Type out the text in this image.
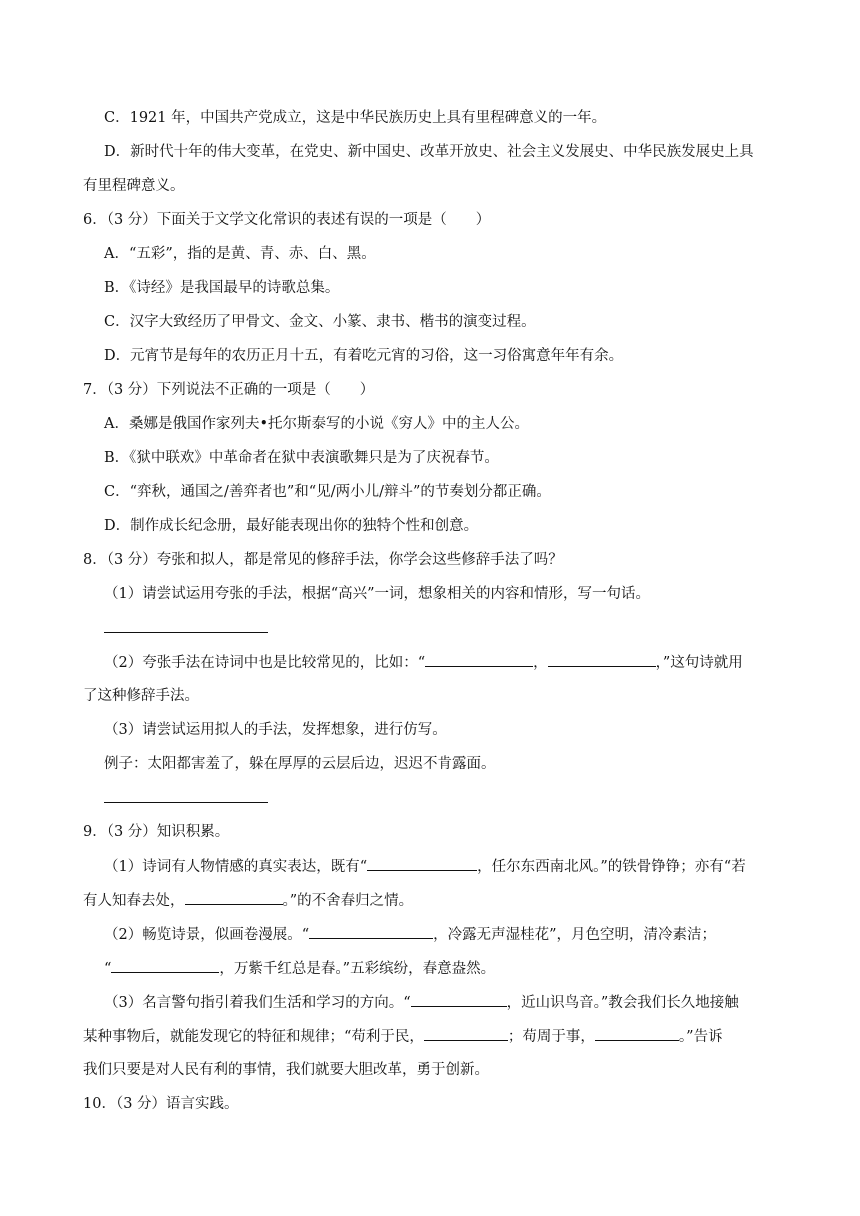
C．1921 年，中国共产党成立，这是中华民族历史上具有里程碑意义的一年。
D．新时代十年的伟大变革，在党史、新中国史、改革开放史、社会主义发展史、中华民族发展史上具
有里程碑意义。
6．（3 分）下面关于文学文化常识的表述有误的一项是（　　）
A．“五彩”，指的是黄、青、赤、白、黑。
B．《诗经》是我国最早的诗歌总集。
C．汉字大致经历了甲骨文、金文、小篆、隶书、楷书的演变过程。
D．元宵节是每年的农历正月十五，有着吃元宵的习俗，这一习俗寓意年年有余。
7．（3 分）下列说法不正确的一项是（　　）
A．桑娜是俄国作家列夫•托尔斯泰写的小说《穷人》中的主人公。
B．《狱中联欢》中革命者在狱中表演歌舞只是为了庆祝春节。
C．“弈秋，通国之/善弈者也”和“见/两小儿/辩斗”的节奏划分都正确。
D．制作成长纪念册，最好能表现出你的独特个性和创意。
8．（3 分）夸张和拟人，都是常见的修辞手法，你学会这些修辞手法了吗？
（1）请尝试运用夸张的手法，根据“高兴”一词，想象相关的内容和情形，写一句话。
（2）夸张手法在诗词中也是比较常见的，比如：“	，	，”这句诗就用
了这种修辞手法。
（3）请尝试运用拟人的手法，发挥想象，进行仿写。
例子：太阳都害羞了，躲在厚厚的云层后边，迟迟不肯露面。
9．（3 分）知识积累。
（1）诗词有人物情感的真实表达，既有“	，任尔东西南北风。”的铁骨铮铮；亦有“若
有人知春去处，	。”的不舍春归之情。
（2）畅览诗景，似画卷漫展。“	，冷露无声湿桂花”，月色空明，清冷素洁；
“	，万紫千红总是春。”五彩缤纷，春意盎然。
（3）名言警句指引着我们生活和学习的方向。“	，近山识鸟音。”教会我们长久地接触
某种事物后，就能发现它的特征和规律；“苟利于民，	；苟周于事，	。”告诉
我们只要是对人民有利的事情，我们就要大胆改革，勇于创新。
10．（3 分）语言实践。
